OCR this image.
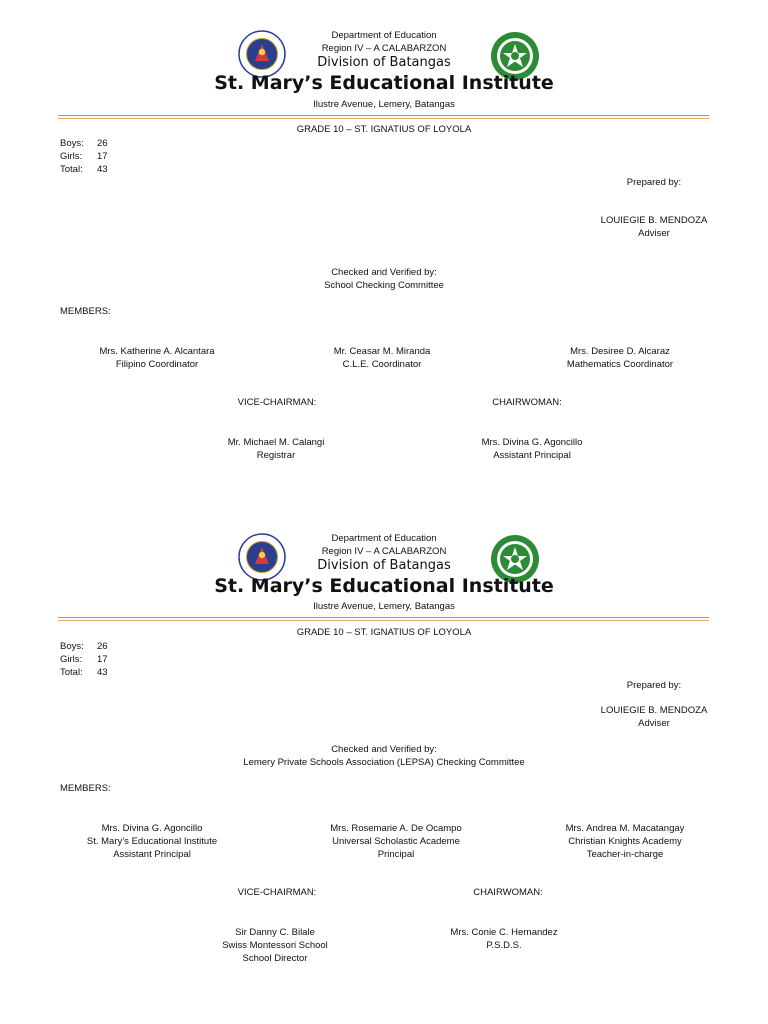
Department of Education
Region IV – A CALABARZON
Division of Batangas
St. Mary’s Educational Institute
Ilustre Avenue, Lemery, Batangas
GRADE 10 – ST. IGNATIUS OF LOYOLA
Boys:	26
Girls:	17
Total:	43
Prepared by:
LOUIEGIE B. MENDOZA
Adviser
Checked and Verified by:
School Checking Committee
MEMBERS:
Mrs. Katherine A. Alcantara
Filipino Coordinator
Mr. Ceasar M. Miranda
C.L.E. Coordinator
Mrs. Desiree D. Alcaraz
Mathematics Coordinator
VICE-CHAIRMAN:	CHAIRWOMAN:
Mr. Michael M. Calangi
Registrar
Mrs. Divina G. Agoncillo
Assistant Principal
Department of Education
Region IV – A CALABARZON
Division of Batangas
St. Mary’s Educational Institute
Ilustre Avenue, Lemery, Batangas
GRADE 10 – ST. IGNATIUS OF LOYOLA
Boys:	26
Girls:	17
Total:	43
Prepared by:
LOUIEGIE B. MENDOZA
Adviser
Checked and Verified by:
Lemery Private Schools Association (LEPSA) Checking Committee
MEMBERS:
Mrs. Divina G. Agoncillo
St. Mary’s Educational Institute
Assistant Principal
Mrs. Rosemarie A. De Ocampo
Universal Scholastic Academe
Principal
Mrs. Andrea M. Macatangay
Christian Knights Academy
Teacher-in-charge
VICE-CHAIRMAN:	CHAIRWOMAN:
Sir Danny C. Bilale
Swiss Montessori School
School Director
Mrs. Conie C. Hernandez
P.S.D.S.
